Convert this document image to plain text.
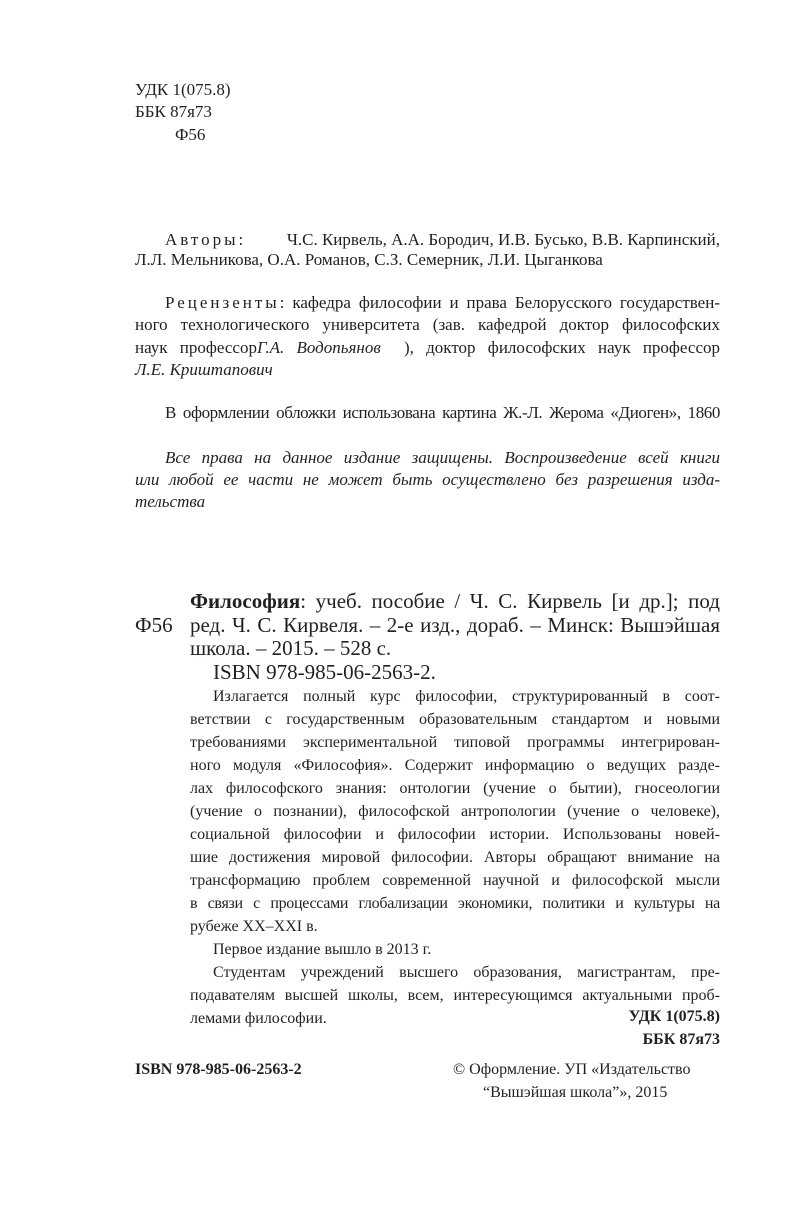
УДК 1(075.8)
ББК 87я73
Ф56
Авторы: Ч.С. Кирвель, А.А. Бородич, И.В. Бусько, В.В. Карпинский,
Л.Л. Мельникова, О.А. Романов, С.З. Семерник, Л.И. Цыганкова
Рецензенты : кафедра философии и права Белорусского государствен-
ного технологического университета (зав. кафедрой доктор философских
наук профессор Г.А. Водопьянов	), доктор философских наук профессор
Л.Е. Криштапович
В оформлении обложки использована картина Ж.-Л. Жерома «Диоген», 1860
Все права на данное издание защищены. Воспроизведение всей книги
или любой ее части не может быть осуществлено без разрешения изда-
тельства
Ф56
Философия : учеб. пособие / Ч. С. Кирвель [и др.]; под
ред. Ч. С. Кирвеля. – 2-е изд., дораб. – Минск: Вышэйшая
школа. – 2015. – 528 с.
ISBN 978-985-06-2563-2.
Излагается полный курс философии, структурированный в соот-
ветствии с государственным образовательным стандартом и новыми
требованиями экспериментальной типовой программы интегрирован-
ного модуля «Философия». Содержит информацию о ведущих разде-
лах философского знания: онтологии (учение о бытии), гносеологии
(учение о познании), философской антропологии (учение о человеке),
социальной философии и философии истории. Использованы новей-
шие достижения мировой философии. Авторы обращают внимание на
трансформацию проблем современной научной и философской мысли
в связи с процессами глобализации экономики, политики и культуры на
рубеже XX–XXI в.
Первое издание вышло в 2013 г.
Студентам учреждений высшего образования, магистрантам, пре-
подавателям высшей школы, всем, интересующимся актуальными проб-
лемами философии.	УДК 1(075.8)
ББК 87я73
ISBN 978-985-06-2563-2	© Оформление. УП «Издательство
“Вышэйшая школа”», 2015
